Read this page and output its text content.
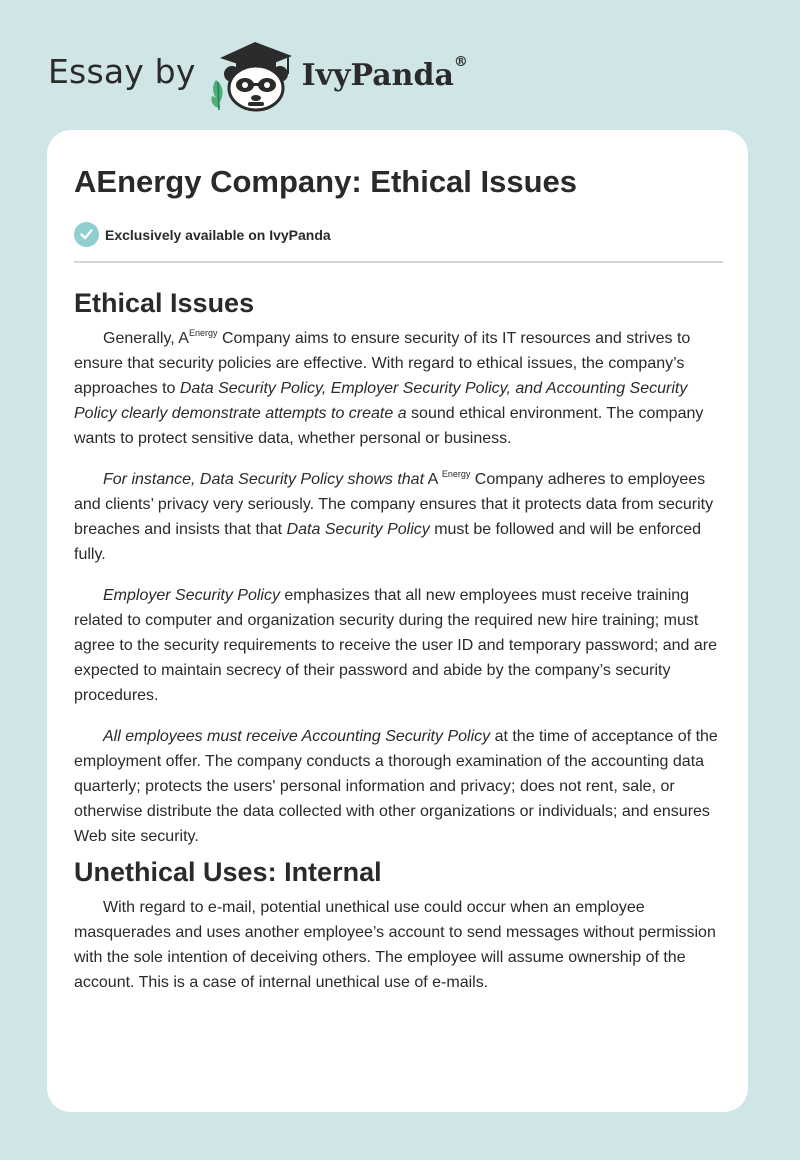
Essay by	IvyPanda®
AEnergy Company: Ethical Issues
Exclusively available on IvyPanda
Ethical Issues

Generally, $A^{Energy}$ Company aims to ensure security of its IT resources and strives to ensure that security policies are effective. With regard to ethical issues, the company’s approaches to Data Security Policy, Employer Security Policy, and Accounting Security Policy clearly demonstrate attempts to create a sound ethical environment. The company wants to protect sensitive data, whether personal or business.

For instance, Data Security Policy shows that A $^{Energy}$ Company adheres to employees and clients’ privacy very seriously. The company ensures that it protects data from security breaches and insists that that Data Security Policy must be followed and will be enforced fully.

Employer Security Policy emphasizes that all new employees must receive training related to computer and organization security during the required new hire training; must agree to the security requirements to receive the user ID and temporary password; and are expected to maintain secrecy of their password and abide by the company’s security procedures.

All employees must receive Accounting Security Policy at the time of acceptance of the employment offer. The company conducts a thorough examination of the accounting data quarterly; protects the users' personal information and privacy; does not rent, sale, or otherwise distribute the data collected with other organizations or individuals; and ensures Web site security.

Unethical Uses: Internal

With regard to e-mail, potential unethical use could occur when an employee masquerades and uses another employee’s account to send messages without permission with the sole intention of deceiving others. The employee will assume ownership of the account. This is a case of internal unethical use of e-mails.
